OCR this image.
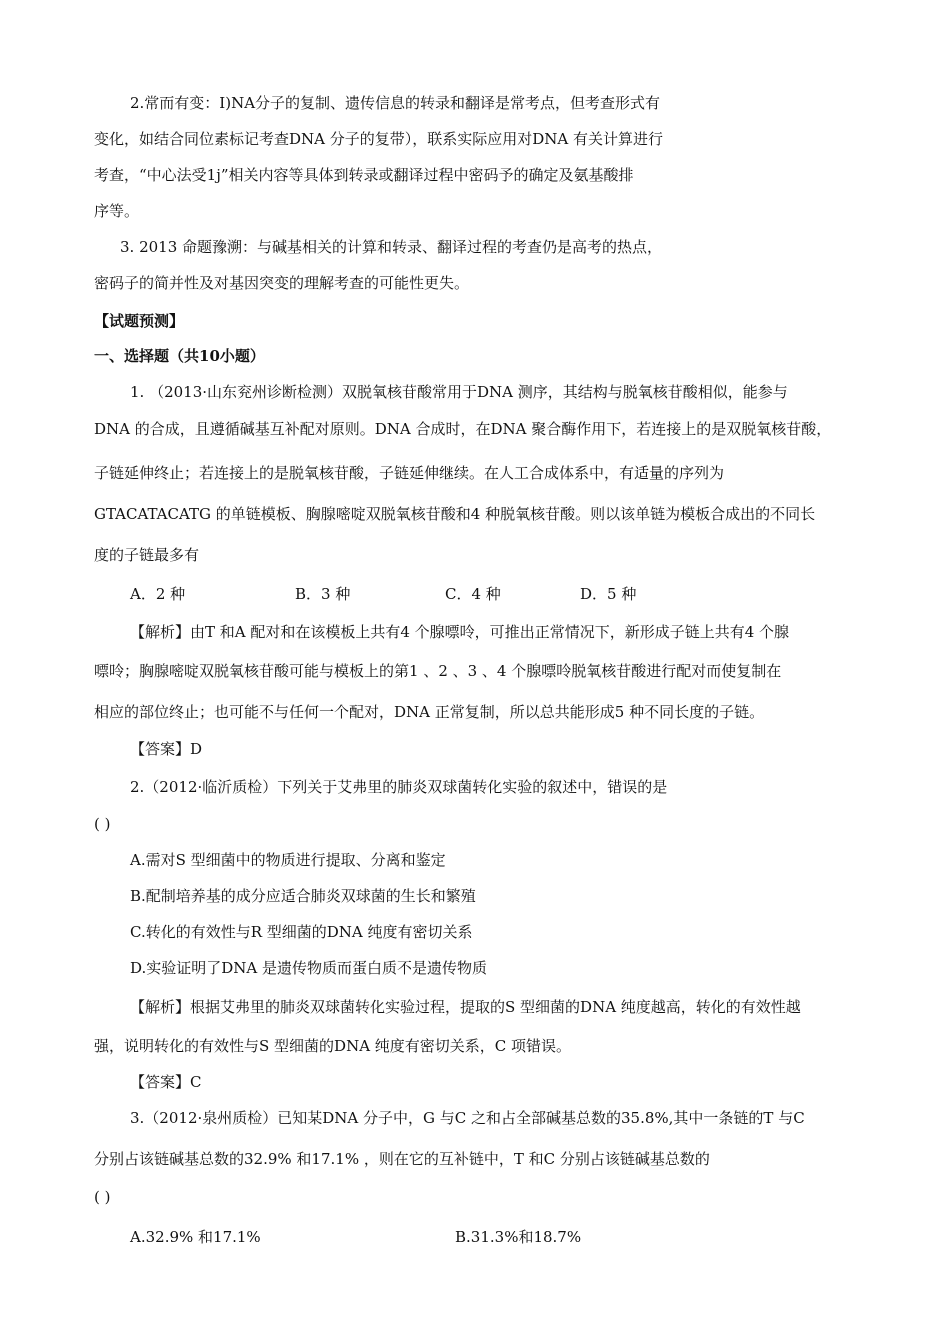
2.常而有变：I)NA分子的复制、遗传信息的转录和翻译是常考点，但考查形式有
变化，如结合同位素标记考查DNA 分子的复带），联系实际应用对DNA 有关计算进行
考查，“中心法受1j”相关内容等具体到转录或翻译过程中密码予的确定及氨基酸排
序等。
3. 2013 命题豫溯：与碱基相关的计算和转录、翻译过程的考查仍是高考的热点，
密码子的简并性及对基因突变的理解考查的可能性更失。
【试题预测】
一、选择题（共10小题）
1. （2013·山东兖州诊断检测）双脱氧核苷酸常用于DNA 测序，其结构与脱氧核苷酸相似，能参与
DNA 的合成，且遵循碱基互补配对原则。DNA 合成时，在DNA 聚合酶作用下，若连接上的是双脱氧核苷酸，
子链延伸终止；若连接上的是脱氧核苷酸，子链延伸继续。在人工合成体系中，有适量的序列为
GTACATACATG 的单链模板、胸腺嘧啶双脱氧核苷酸和4 种脱氧核苷酸。则以该单链为模板合成出的不同长
度的子链最多有
A．2 种	B．3 种	C．4 种	D．5 种
【解析】由T 和A 配对和在该模板上共有4 个腺嘌呤，可推出正常情况下，新形成子链上共有4 个腺
嘌呤；胸腺嘧啶双脱氧核苷酸可能与模板上的第1 、2 、3 、4 个腺嘌呤脱氧核苷酸进行配对而使复制在
相应的部位终止；也可能不与任何一个配对，DNA 正常复制，所以总共能形成5 种不同长度的子链。
【答案】D
2.（2012·临沂质检）下列关于艾弗里的肺炎双球菌转化实验的叙述中，错误的是
( )
A.需对S 型细菌中的物质进行提取、分离和鉴定
B.配制培养基的成分应适合肺炎双球菌的生长和繁殖
C.转化的有效性与R 型细菌的DNA 纯度有密切关系
D.实验证明了DNA 是遗传物质而蛋白质不是遗传物质
【解析】根据艾弗里的肺炎双球菌转化实验过程，提取的S 型细菌的DNA 纯度越高，转化的有效性越
强，说明转化的有效性与S 型细菌的DNA 纯度有密切关系，C 项错误。
【答案】C
3.（2012·泉州质检）已知某DNA 分子中，G 与C 之和占全部碱基总数的35.8%,其中一条链的T 与C
分别占该链碱基总数的32.9% 和17.1% ，则在它的互补链中，T 和C 分别占该链碱基总数的
( )
A.32.9% 和17.1%	B.31.3%和18.7%
